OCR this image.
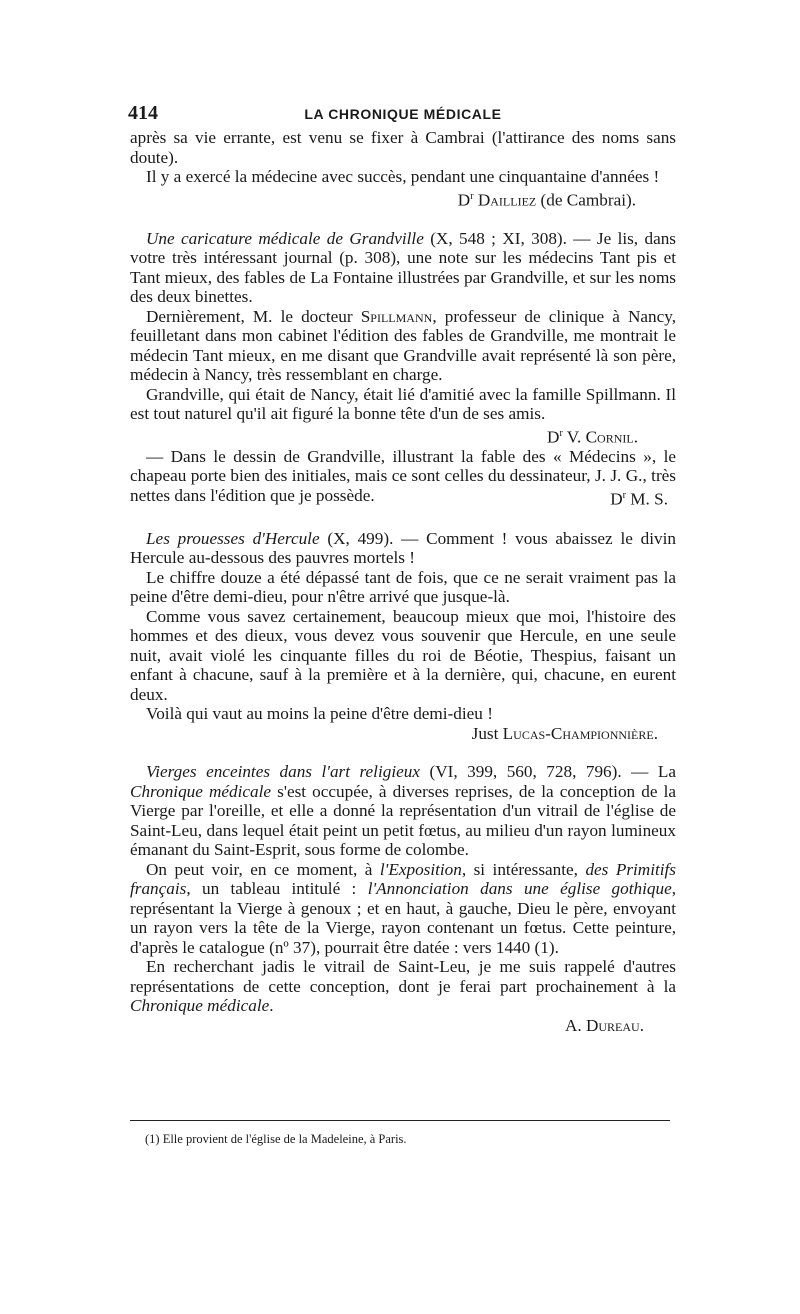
414	LA CHRONIQUE MÉDICALE

après sa vie errante, est venu se fixer à Cambrai (l'attirance des noms sans doute).

Il y a exercé la médecine avec succès, pendant une cinquantaine d'années !

$D^r$ Dailliez (de Cambrai).

Une caricature médicale de Grandville (X, 548 ; XI, 308). — Je lis, dans votre très intéressant journal (p. 308), une note sur les médecins Tant pis et Tant mieux, des fables de La Fontaine illustrées par Grandville, et sur les noms des deux binettes.

Dernièrement, M. le docteur Spillmann, professeur de clinique à Nancy, feuilletant dans mon cabinet l'édition des fables de Grandville, me montrait le médecin Tant mieux, en me disant que Grandville avait représenté là son père, médecin à Nancy, très ressemblant en charge.

Grandville, qui était de Nancy, était lié d'amitié avec la famille Spillmann. Il est tout naturel qu'il ait figuré la bonne tête d'un de ses amis.

$D^r$ V. Cornil.

— Dans le dessin de Grandville, illustrant la fable des « Médecins », le chapeau porte bien des initiales, mais ce sont celles du dessinateur, J. J. G., très nettes dans l'édition que je possède.	$D^r$ M. S.

Les prouesses d'Hercule (X, 499). — Comment ! vous abaissez le divin Hercule au-dessous des pauvres mortels !

Le chiffre douze a été dépassé tant de fois, que ce ne serait vraiment pas la peine d'être demi-dieu, pour n'être arrivé que jusque-là.

Comme vous savez certainement, beaucoup mieux que moi, l'histoire des hommes et des dieux, vous devez vous souvenir que Hercule, en une seule nuit, avait violé les cinquante filles du roi de Béotie, Thespius, faisant un enfant à chacune, sauf à la première et à la dernière, qui, chacune, en eurent deux.

Voilà qui vaut au moins la peine d'être demi-dieu !

Just Lucas-Championnière.

Vierges enceintes dans l'art religieux (VI, 399, 560, 728, 796). — La Chronique médicale s'est occupée, à diverses reprises, de la conception de la Vierge par l'oreille, et elle a donné la représentation d'un vitrail de l'église de Saint-Leu, dans lequel était peint un petit fœtus, au milieu d'un rayon lumineux émanant du Saint-Esprit, sous forme de colombe.

On peut voir, en ce moment, à l'Exposition, si intéressante, des Primitifs français, un tableau intitulé : l'Annonciation dans une église gothique, représentant la Vierge à genoux ; et en haut, à gauche, Dieu le père, envoyant un rayon vers la tête de la Vierge, rayon contenant un fœtus. Cette peinture, d'après le catalogue (nº 37), pourrait être datée : vers 1440 (1).

En recherchant jadis le vitrail de Saint-Leu, je me suis rappelé d'autres représentations de cette conception, dont je ferai part prochainement à la Chronique médicale.

A. Dureau.

(1) Elle provient de l'église de la Madeleine, à Paris.
